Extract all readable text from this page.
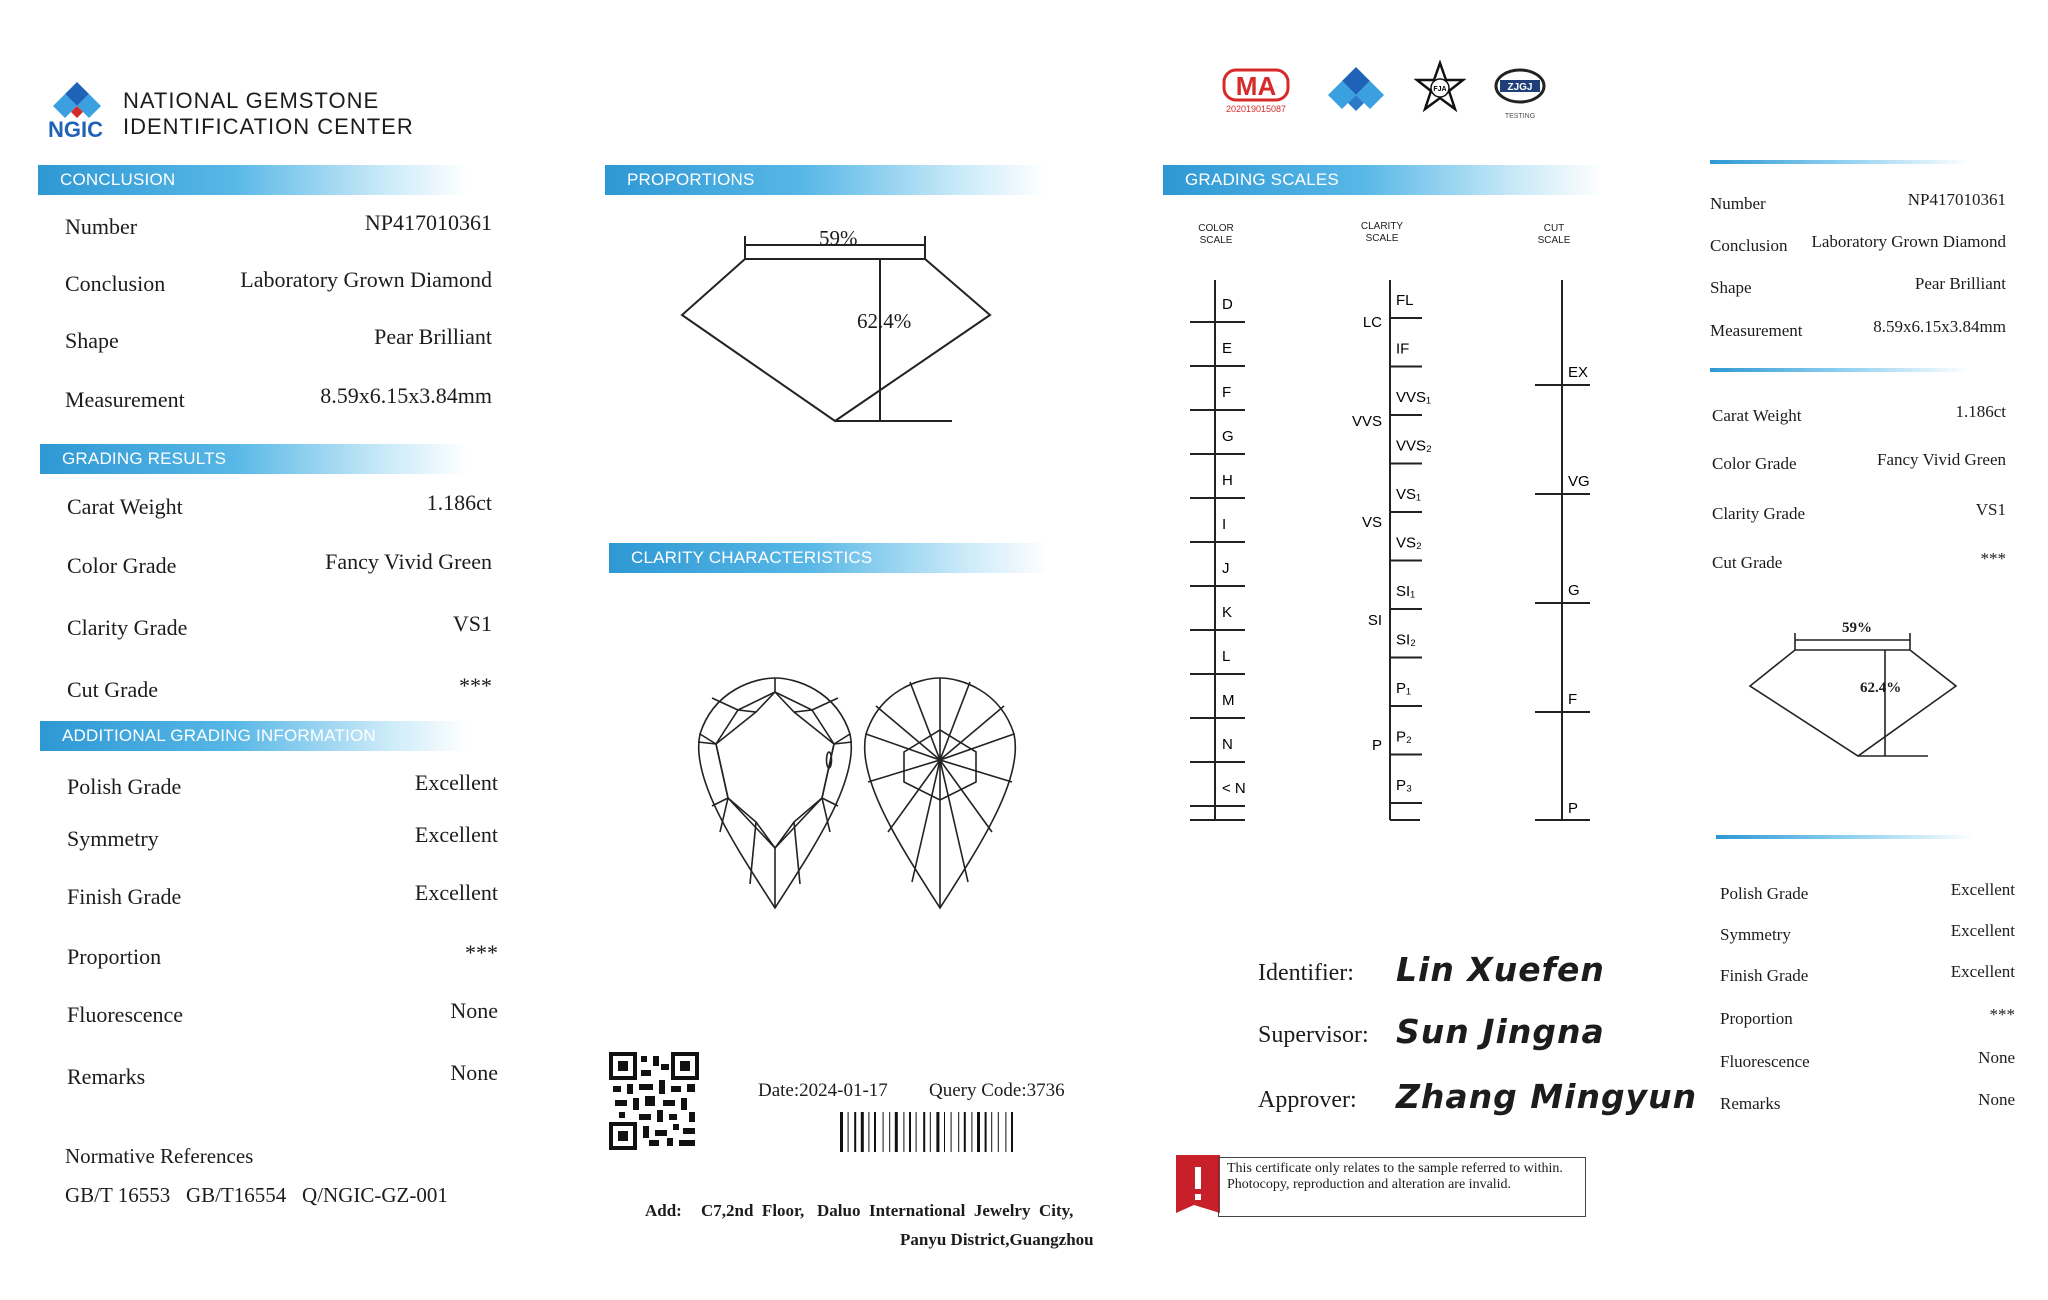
NGIC
NATIONAL GEMSTONE
IDENTIFICATION CENTER
CONCLUSION
Number	NP417010361
Conclusion	Laboratory Grown Diamond
Shape	Pear Brilliant
Measurement	8.59x6.15x3.84mm
GRADING RESULTS
Carat Weight	1.186ct
Color Grade	Fancy Vivid Green
Clarity Grade	VS1
Cut Grade	***
ADDITIONAL GRADING INFORMATION
Polish Grade	Excellent
Symmetry	Excellent
Finish Grade	Excellent
Proportion	***
Fluorescence	None
Remarks	None
Normative References
GB/T 16553   GB/T16554   Q/NGIC-GZ-001
PROPORTIONS
59%
62.4%
CLARITY CHARACTERISTICS
Date:2024-01-17 Query Code:3736
Add: C7,2nd  Floor,   Daluo  International  Jewelry  City,
Panyu District,Guangzhou
MA
202019015087
FJA	ZJGJ
TESTING
GRADING SCALES
COLOR
SCALE
CLARITY
SCALE
CUT
SCALE
D
E
F
G
H
I
J
K
L
M
N
< N
FL
IF
VVS₁
VVS₂
VS₁
VS₂
SI₁
SI₂
P₁
P₂
P₃
LC
VVS
VS
SI
P
EX
VG
G
F
P
Identifier: Lin Xuefen
Supervisor: Sun Jingna
Approver: Zhang Mingyun
This certificate only relates to the sample referred to within. Photocopy, reproduction and alteration are invalid.
Number	NP417010361
Conclusion Laboratory Grown Diamond
Shape	Pear Brilliant
Measurement	8.59x6.15x3.84mm
Carat Weight	1.186ct
Color Grade	Fancy Vivid Green
Clarity Grade	VS1
Cut Grade	***
59%
62.4%
Polish Grade	Excellent
Symmetry	Excellent
Finish Grade	Excellent
Proportion	***
Fluorescence	None
Remarks	None
